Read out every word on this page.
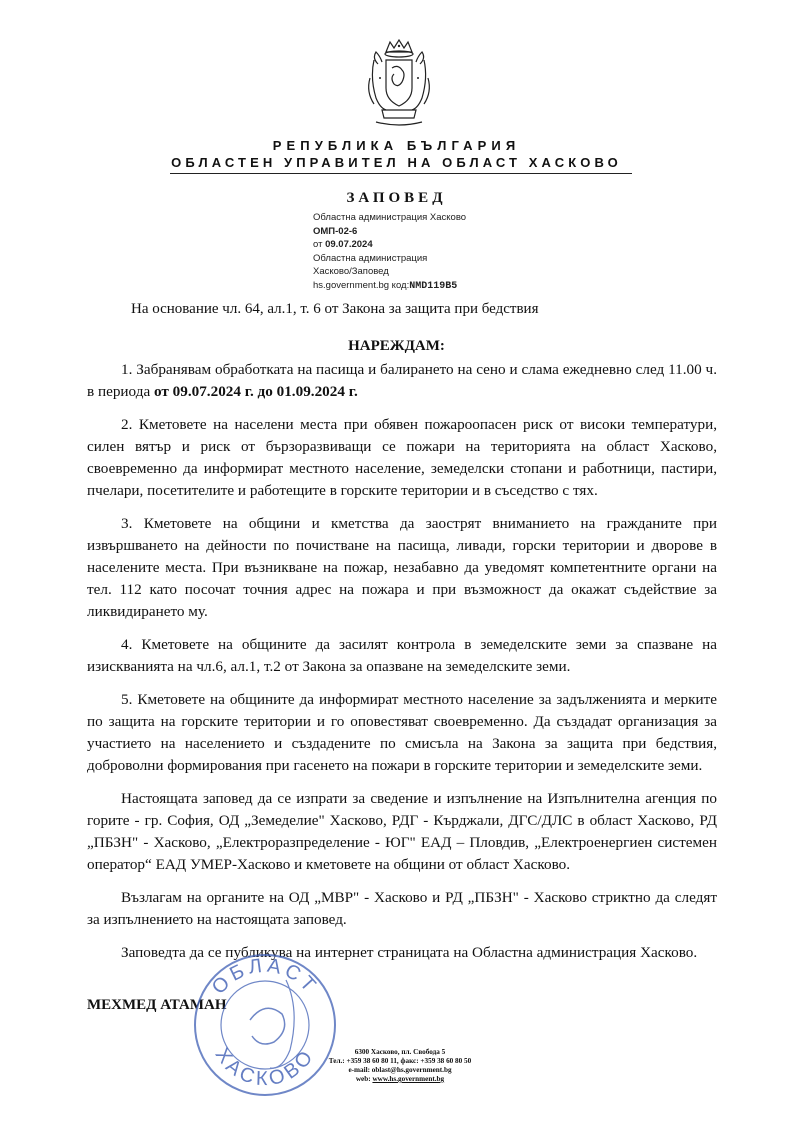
РЕПУБЛИКА БЪЛГАРИЯ
ОБЛАСТЕН УПРАВИТЕЛ НА ОБЛАСТ ХАСКОВО
ЗАПОВЕД
Областна администрация Хасково
ОМП-02-6
от 09.07.2024
Областна администрация
Хасково/Заповед
hs.government.bg код:NMD119B5
На основание чл. 64, ал.1, т. 6 от Закона за защита при бедствия
НАРЕЖДАМ:

1. Забранявам обработката на пасища и балирането на сено и слама ежедневно след 11.00 ч. в периода от 09.07.2024 г. до 01.09.2024 г.

2. Кметовете на населени места при обявен пожароопасен риск от високи температури, силен вятър и риск от бързоразвиващи се пожари на територията на област Хасково, своевременно да информират местното население, земеделски стопани и работници, пастири, пчелари, посетителите и работещите в горските територии и в съседство с тях.

3. Кметовете на общини и кметства да заострят вниманието на гражданите при извършването на дейности по почистване на пасища, ливади, горски територии и дворове в населените места. При възникване на пожар, незабавно да уведомят компетентните органи на тел. 112 като посочат точния адрес на пожара и при възможност да окажат съдействие за ликвидирането му.

4. Кметовете на общините да засилят контрола в земеделските земи за спазване на изискванията на чл.6, ал.1, т.2 от Закона за опазване на земеделските земи.

5. Кметовете на общините да информират местното население за задълженията и мерките по защита на горските територии и го оповестяват своевременно. Да създадат организация за участието на населението и създадените по смисъла на Закона за защита при бедствия, доброволни формирования при гасенето на пожари в горските територии и земеделските земи.

Настоящата заповед да се изпрати за сведение и изпълнение на Изпълнителна агенция по горите - гр. София, ОД „Земеделие" Хасково, РДГ - Кърджали, ДГС/ДЛС в област Хасково, РД „ПБЗН" - Хасково, „Електроразпределение - ЮГ" ЕАД – Пловдив, „Електроенергиен системен оператор“ ЕАД УМЕР-Хасково и кметовете на общини от област Хасково.

Възлагам на органите на ОД „МВР" - Хасково и РД „ПБЗН" - Хасково стриктно да следят за изпълнението на настоящата заповед.

Заповедта да се публикува на интернет страницата на Областна администрация Хасково.

МЕХМЕД АТАМАН
ОБЛАСТ
ХАСКОВО	6300 Хасково, пл. Свобода 5
Тел.: +359 38 60 80 11, факс: +359 38 60 80 50
e-mail: oblast@hs.government.bg
web: www.hs.government.bg
